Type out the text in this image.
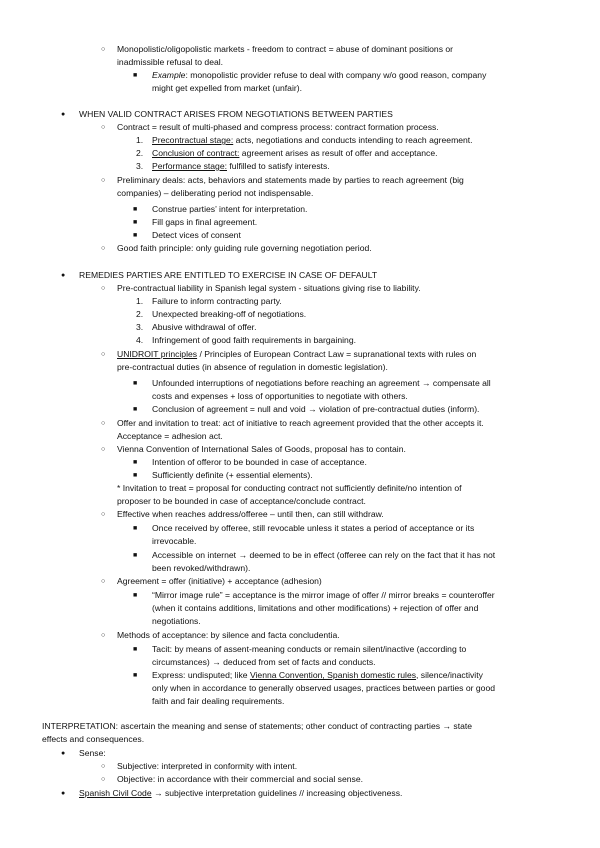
○ Monopolistic/oligopolistic markets - freedom to contract = abuse of dominant positions or
inadmissible refusal to deal.
■ Example: monopolistic provider refuse to deal with company w/o good reason, company
might get expelled from market (unfair).
● WHEN VALID CONTRACT ARISES FROM NEGOTIATIONS BETWEEN PARTIES
○ Contract = result of multi-phased and compress process: contract formation process.
1. Precontractual stage: acts, negotiations and conducts intending to reach agreement.
2. Conclusion of contract: agreement arises as result of offer and acceptance.
3. Performance stage: fulfilled to satisfy interests.
○ Preliminary deals: acts, behaviors and statements made by parties to reach agreement (big
companies) – deliberating period not indispensable.
■ Construe parties’ intent for interpretation.
■ Fill gaps in final agreement.
■ Detect vices of consent
○ Good faith principle: only guiding rule governing negotiation period.
● REMEDIES PARTIES ARE ENTITLED TO EXERCISE IN CASE OF DEFAULT
○ Pre-contractual liability in Spanish legal system - situations giving rise to liability.
1. Failure to inform contracting party.
2. Unexpected breaking-off of negotiations.
3. Abusive withdrawal of offer.
4. Infringement of good faith requirements in bargaining.
○ UNIDROIT principles / Principles of European Contract Law = supranational texts with rules on
pre-contractual duties (in absence of regulation in domestic legislation).
■ Unfounded interruptions of negotiations before reaching an agreement → compensate all
costs and expenses + loss of opportunities to negotiate with others.
■ Conclusion of agreement = null and void → violation of pre-contractual duties (inform).
○ Offer and invitation to treat: act of initiative to reach agreement provided that the other accepts it.
Acceptance = adhesion act.
○ Vienna Convention of International Sales of Goods, proposal has to contain.
■ Intention of offeror to be bounded in case of acceptance.
■ Sufficiently definite (+ essential elements).
* Invitation to treat = proposal for conducting contract not sufficiently definite/no intention of
proposer to be bounded in case of acceptance/conclude contract.
○ Effective when reaches address/offeree – until then, can still withdraw.
■ Once received by offeree, still revocable unless it states a period of acceptance or its
irrevocable.
■ Accessible on internet → deemed to be in effect (offeree can rely on the fact that it has not
been revoked/withdrawn).
○ Agreement = offer (initiative) + acceptance (adhesion)
■ “Mirror image rule” = acceptance is the mirror image of offer // mirror breaks = counteroffer
(when it contains additions, limitations and other modifications) + rejection of offer and
negotiations.
○ Methods of acceptance: by silence and facta concludentia.
■ Tacit: by means of assent-meaning conducts or remain silent/inactive (according to
circumstances) → deduced from set of facts and conducts.
■ Express: undisputed; like Vienna Convention, Spanish domestic rules, silence/inactivity
only when in accordance to generally observed usages, practices between parties or good
faith and fair dealing requirements.
INTERPRETATION: ascertain the meaning and sense of statements; other conduct of contracting parties → state
effects and consequences.
● Sense:
○ Subjective: interpreted in conformity with intent.
○ Objective: in accordance with their commercial and social sense.
● Spanish Civil Code → subjective interpretation guidelines // increasing objectiveness.
